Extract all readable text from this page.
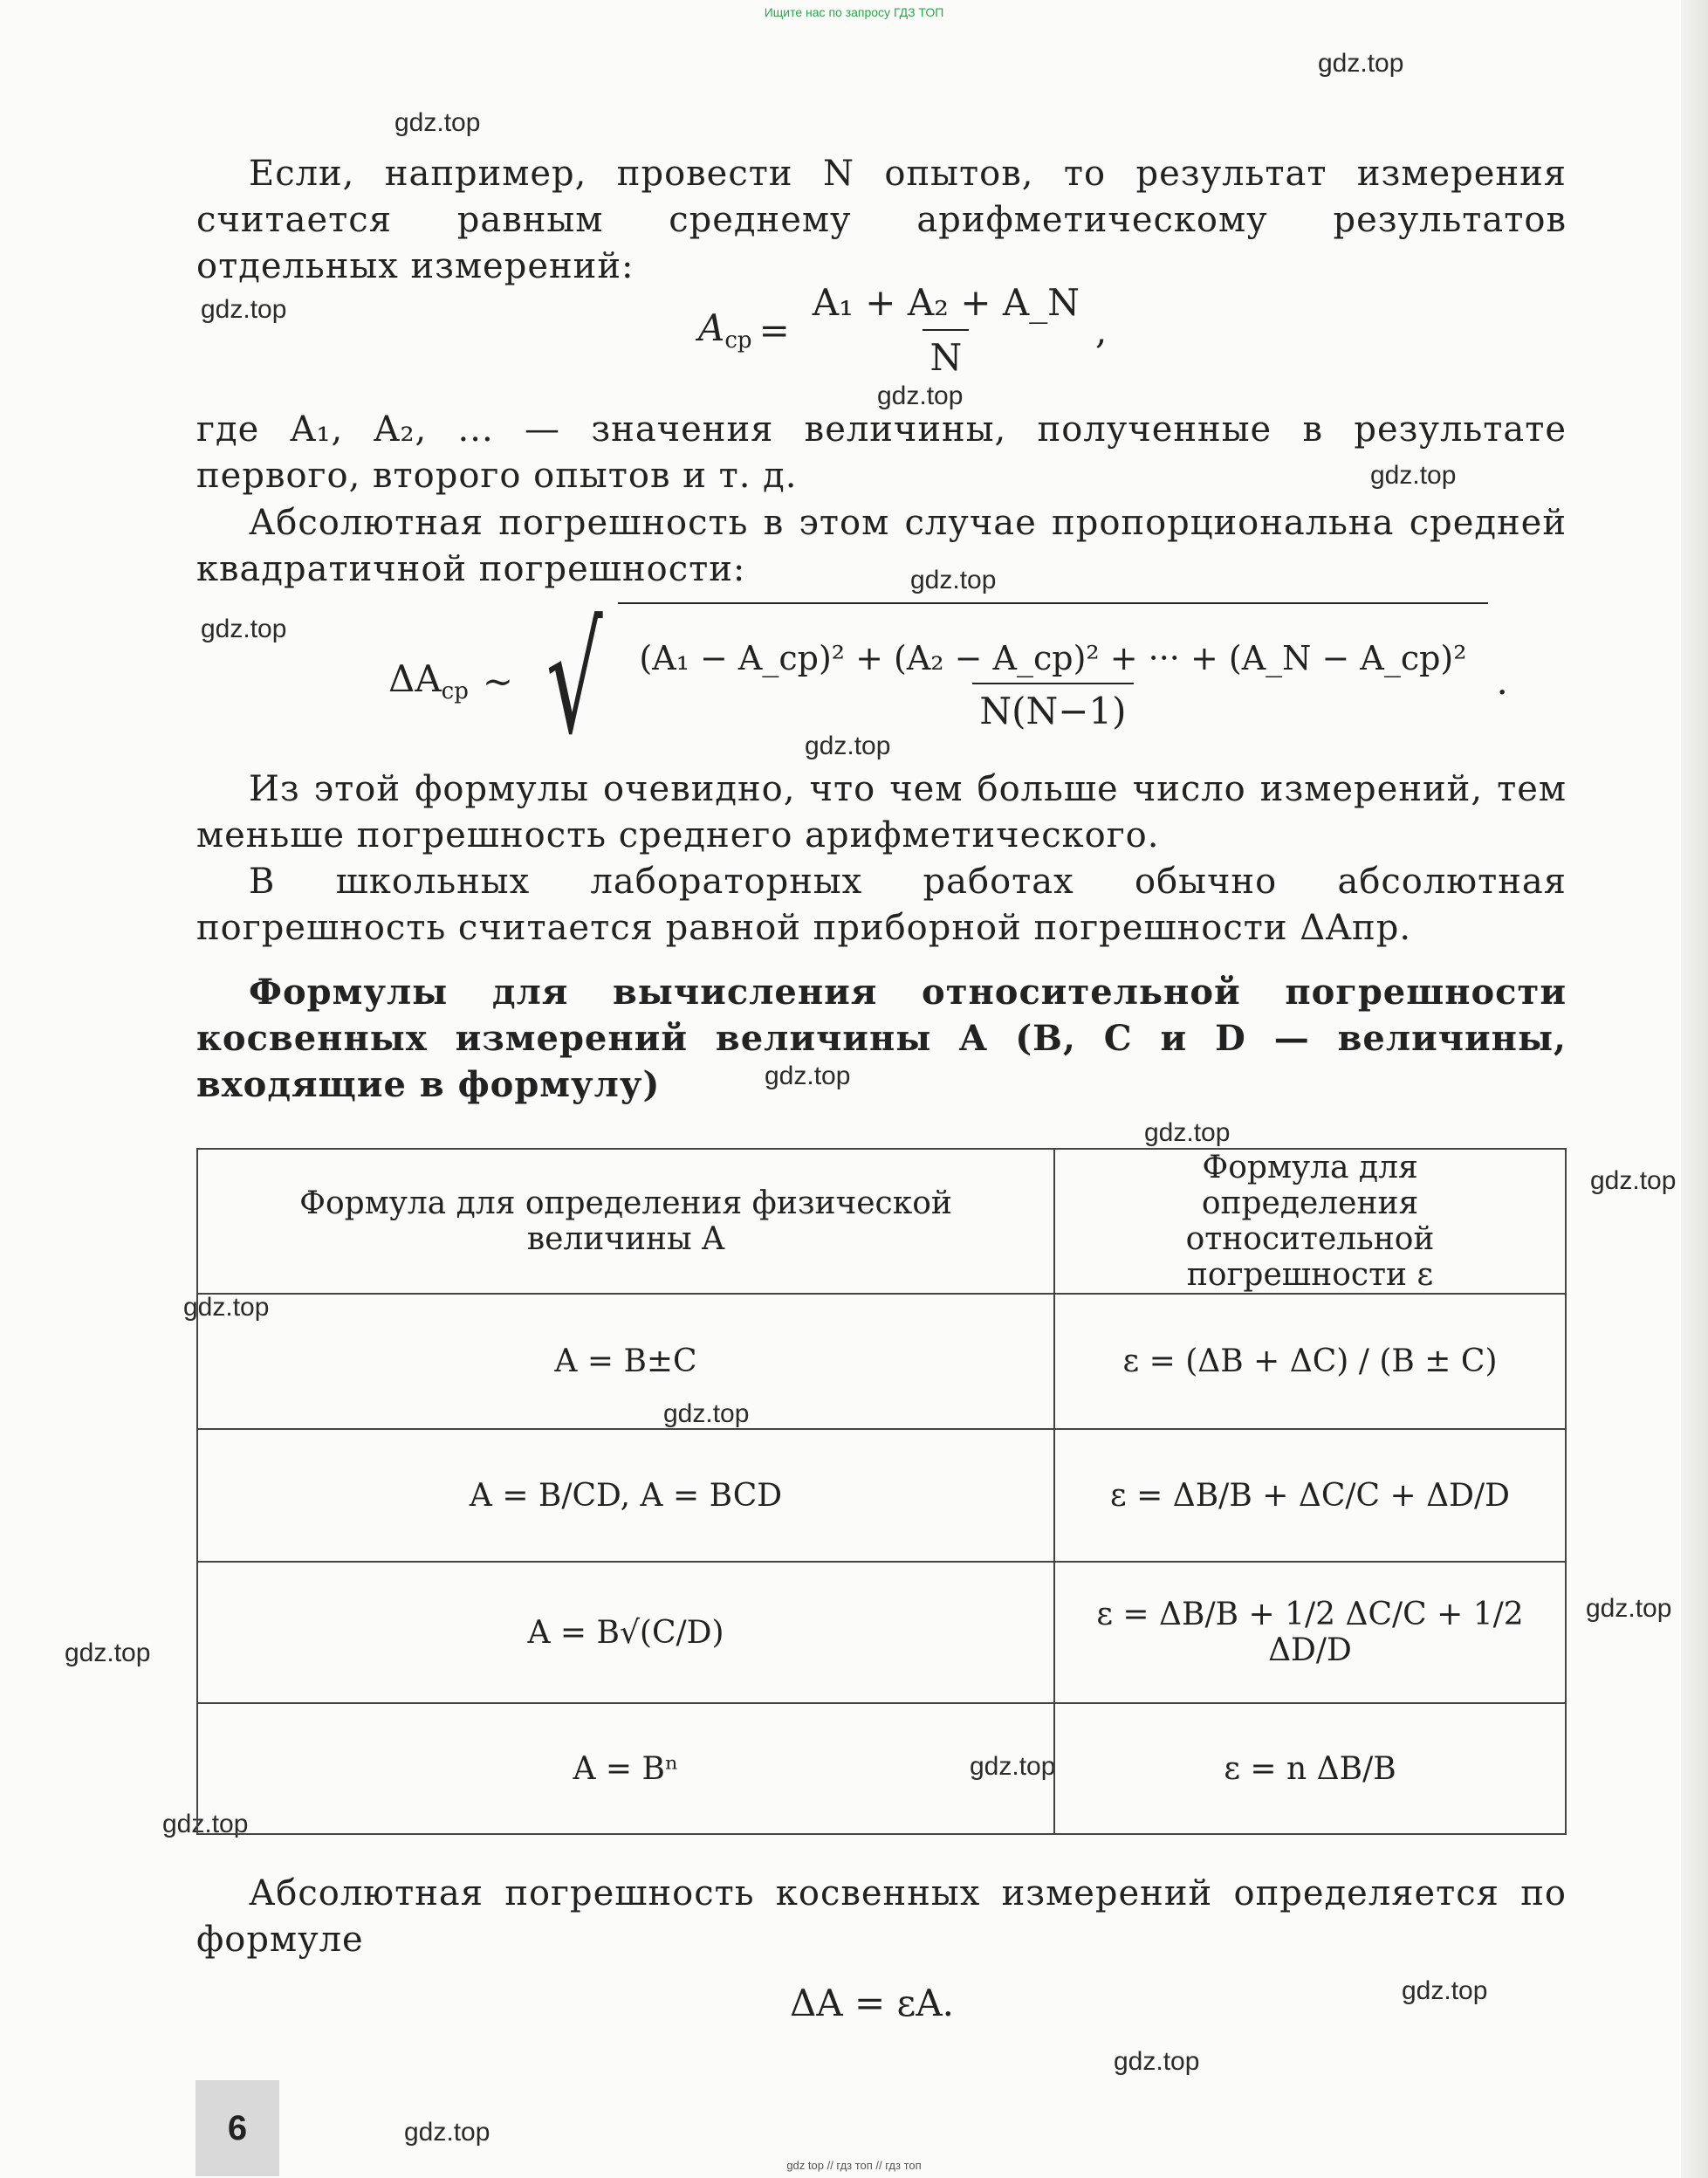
Ищите нас по запросу ГДЗ ТОП
gdz.top
gdz.top
gdz.top
gdz.top
gdz.top
gdz.top
gdz.top
gdz.top
gdz.top
gdz.top
gdz.top
gdz.top
gdz.top
gdz.top
gdz.top
gdz.top
gdz.top
gdz.top
gdz.top
gdz.top
Если, например, провести N опытов, то результат измерения считается равным среднему арифметическому результатов отдельных измерений:
$A_{ср} = \frac{\text{A₁ + A₂ + A\_N}}{N}$ ,
где A₁, A₂, ... — значения величины, полученные в результате первого, второго опытов и т. д.
Абсолютная погрешность в этом случае пропорциональна средней квадратичной погрешности:
$\Delta A_{ср}$ ~ √ $\frac{\text{(A₁ − A\_ср)² + (A₂ − A\_ср)² + ··· + (A\_N − A\_ср)²}}{N(N-1)}$ .
Из этой формулы очевидно, что чем больше число измерений, тем меньше погрешность среднего арифметического.
В школьных лабораторных работах обычно абсолютная погрешность считается равной приборной погрешности ΔAпр.
Формулы для вычисления относительной погрешности косвенных измерений величины A (B, C и D — величины, входящие в формулу)
Формула для определения физической величины A	Формула для определения относительной погрешности ε
A = B±C	ε = (ΔB + ΔC) / (B ± C)
A = B/CD, A = BCD	ε = ΔB/B + ΔC/C + ΔD/D
A = B√(C/D)	ε = ΔB/B + 1/2 ΔC/C + 1/2 ΔD/D
A = Bⁿ	ε = n ΔB/B
Абсолютная погрешность косвенных измерений определяется по формуле
ΔA = εA.
6
gdz top // гдз топ // гдз топ
